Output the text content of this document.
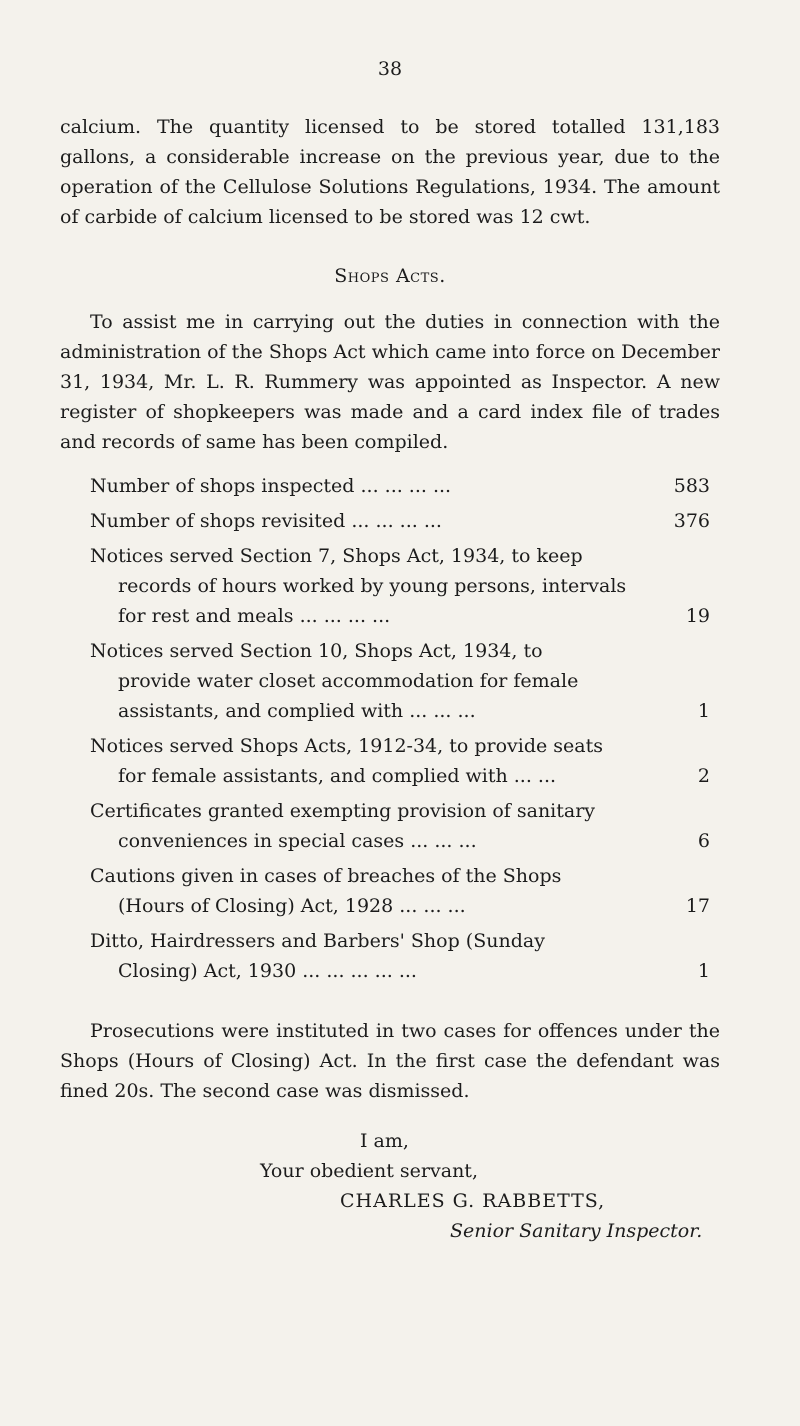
38

calcium. The quantity licensed to be stored totalled 131,183 gallons, a considerable increase on the previous year, due to the operation of the Cellulose Solutions Regulations, 1934. The amount of carbide of calcium licensed to be stored was 12 cwt.

Shops Acts.

To assist me in carrying out the duties in connection with the administration of the Shops Act which came into force on December 31, 1934, Mr. L. R. Rummery was appointed as Inspector. A new register of shopkeepers was made and a card index file of trades and records of same has been compiled.

Number of shops inspected ... ... ... ...	583
Number of shops revisited ... ... ... ...	376
Notices served Section 7, Shops Act, 1934, to keep
records of hours worked by young persons, intervals for rest and meals ... ... ... ...	19
Notices served Section 10, Shops Act, 1934, to
provide water closet accommodation for female assistants, and complied with ... ... ...	1
Notices served Shops Acts, 1912-34, to provide seats
for female assistants, and complied with ... ...	2
Certificates granted exempting provision of sanitary
conveniences in special cases ... ... ...	6
Cautions given in cases of breaches of the Shops
(Hours of Closing) Act, 1928 ... ... ...	17
Ditto, Hairdressers and Barbers' Shop (Sunday
Closing) Act, 1930 ... ... ... ... ...	1

Prosecutions were instituted in two cases for offences under the Shops (Hours of Closing) Act. In the first case the defendant was fined 20s. The second case was dismissed.

I am,
Your obedient servant,
CHARLES G. RABBETTS,
Senior Sanitary Inspector.
